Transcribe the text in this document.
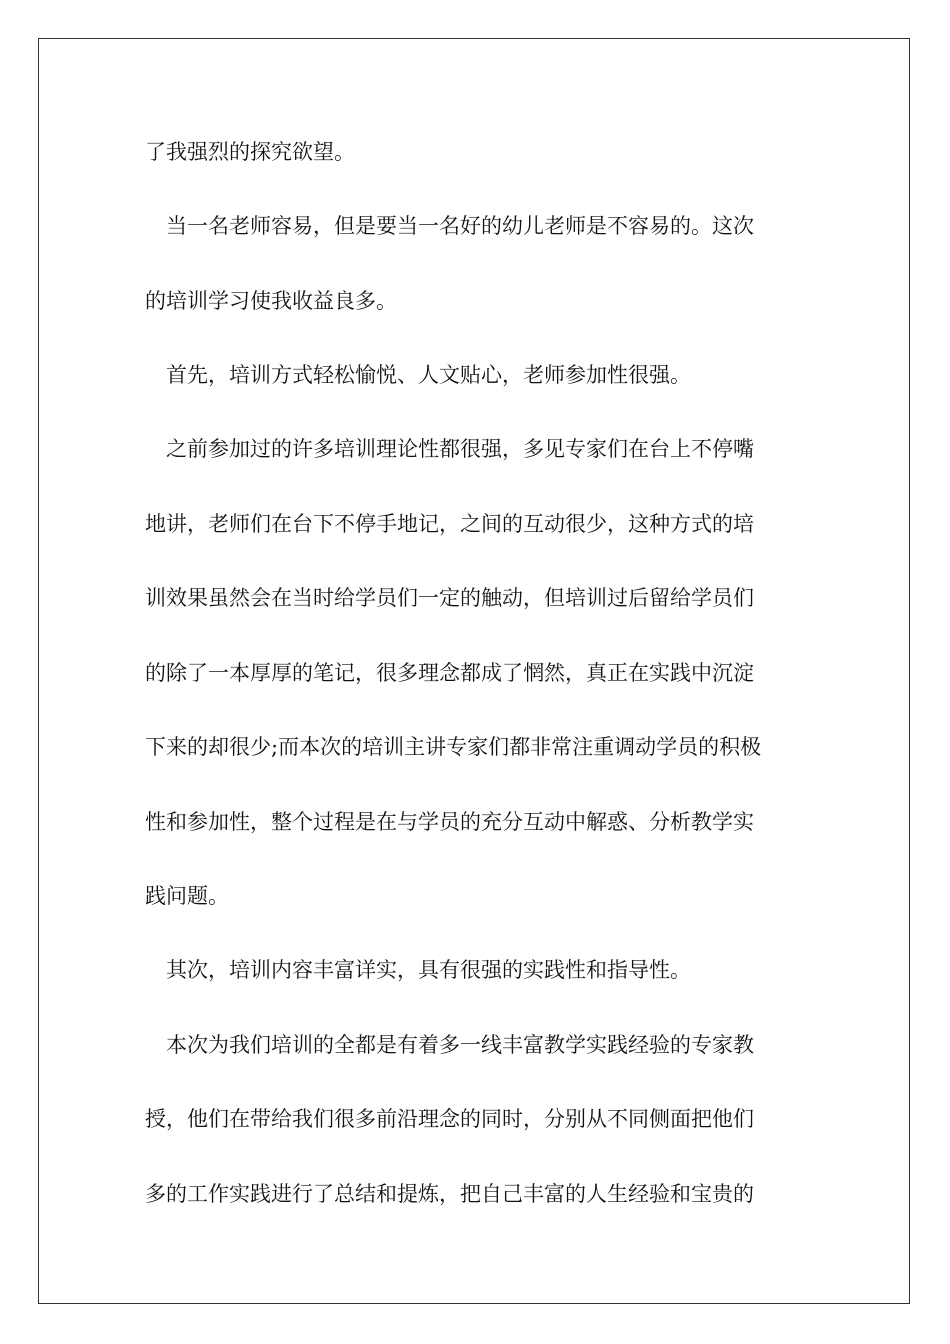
了我强烈的探究欲望。

当一名老师容易，但是要当一名好的幼儿老师是不容易的。这次

的培训学习使我收益良多。

首先，培训方式轻松愉悦、人文贴心，老师参加性很强。

之前参加过的许多培训理论性都很强，多见专家们在台上不停嘴

地讲，老师们在台下不停手地记，之间的互动很少，这种方式的培

训效果虽然会在当时给学员们一定的触动，但培训过后留给学员们

的除了一本厚厚的笔记，很多理念都成了惘然，真正在实践中沉淀

下来的却很少;而本次的培训主讲专家们都非常注重调动学员的积极

性和参加性，整个过程是在与学员的充分互动中解惑、分析教学实

践问题。

其次，培训内容丰富详实，具有很强的实践性和指导性。

本次为我们培训的全都是有着多一线丰富教学实践经验的专家教

授，他们在带给我们很多前沿理念的同时，分别从不同侧面把他们

多的工作实践进行了总结和提炼，把自己丰富的人生经验和宝贵的
